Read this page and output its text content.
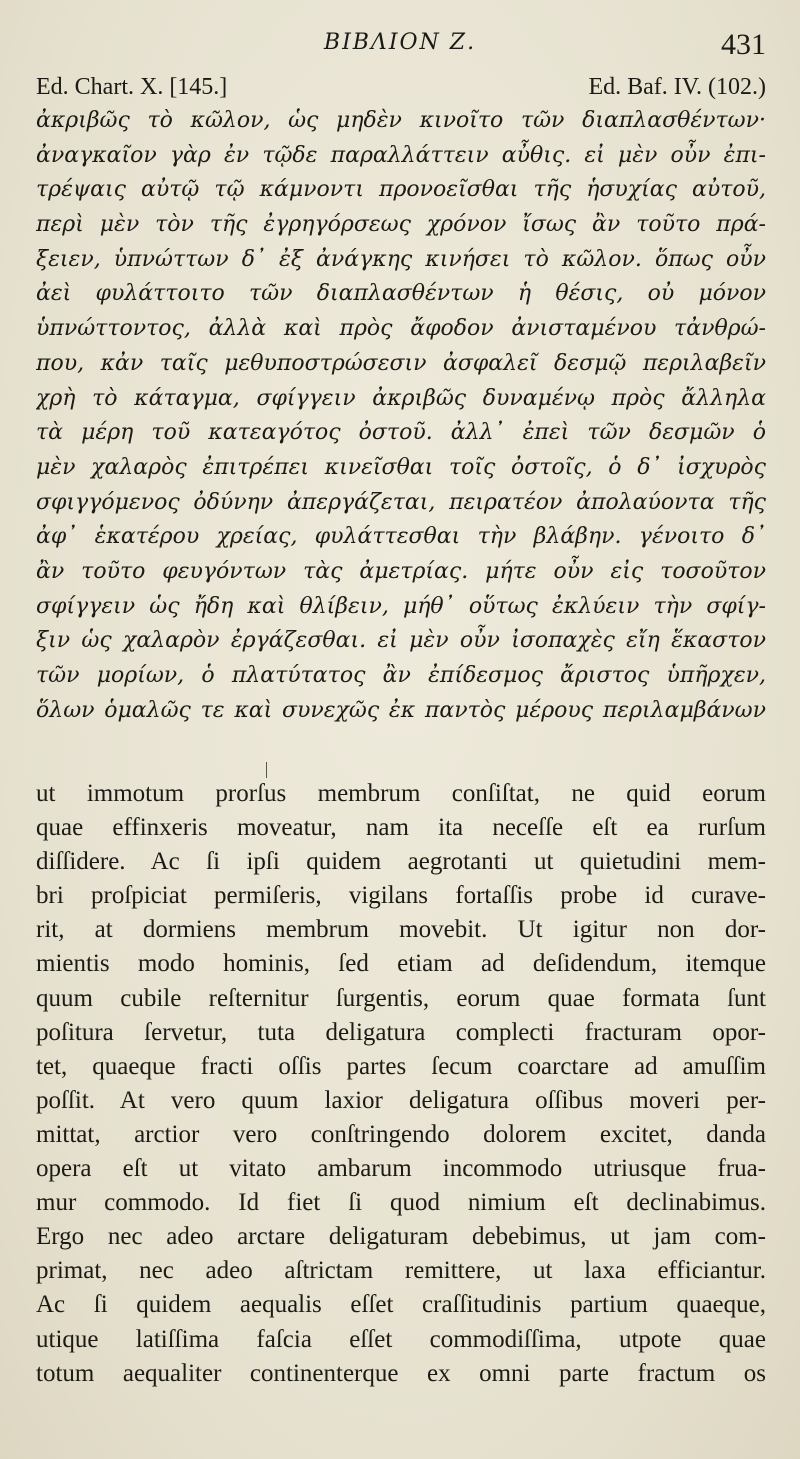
ΒΙΒΛΙΟΝ Ζ.	431
Ed. Chart. X. [145.]	Ed. Baf. IV. (102.)
ἀκριβῶς τὸ κῶλον, ὡς μηδὲν κινοῖτο τῶν διαπλασθέντων·
ἀναγκαῖον γὰρ ἐν τῷδε παραλλάττειν αὖθις. εἰ μὲν οὖν ἐπι-
τρέψαις αὐτῷ τῷ κάμνοντι προνοεῖσθαι τῆς ἡσυχίας αὐτοῦ,
περὶ μὲν τὸν τῆς ἐγρηγόρσεως χρόνον ἴσως ἂν τοῦτο πρά-
ξειεν, ὑπνώττων δ᾽ ἐξ ἀνάγκης κινήσει τὸ κῶλον. ὅπως οὖν
ἀεὶ φυλάττοιτο τῶν διαπλασθέντων ἡ θέσις, οὐ μόνον
ὑπνώττοντος, ἀλλὰ καὶ πρὸς ἄφοδον ἀνισταμένου τἀνθρώ-
που, κἀν ταῖς μεθυποστρώσεσιν ἀσφαλεῖ δεσμῷ περιλαβεῖν
χρὴ τὸ κάταγμα, σφίγγειν ἀκριβῶς δυναμένῳ πρὸς ἄλληλα
τὰ μέρη τοῦ κατεαγότος ὀστοῦ. ἀλλ᾽ ἐπεὶ τῶν δεσμῶν ὁ
μὲν χαλαρὸς ἐπιτρέπει κινεῖσθαι τοῖς ὀστοῖς, ὁ δ᾽ ἰσχυρὸς
σφιγγόμενος ὀδύνην ἀπεργάζεται, πειρατέον ἀπολαύοντα τῆς
ἀφ᾽ ἑκατέρου χρείας, φυλάττεσθαι τὴν βλάβην. γένοιτο δ᾽
ἂν τοῦτο φευγόντων τὰς ἀμετρίας. μήτε οὖν εἰς τοσοῦτον
σφίγγειν ὡς ἤδη καὶ θλίβειν, μήθ᾽ οὕτως ἐκλύειν τὴν σφίγ-
ξιν ὡς χαλαρὸν ἐργάζεσθαι. εἰ μὲν οὖν ἰσοπαχὲς εἴη ἕκαστον
τῶν μορίων, ὁ πλατύτατος ἂν ἐπίδεσμος ἄριστος ὑπῆρχεν,
ὅλων ὁμαλῶς τε καὶ συνεχῶς ἐκ παντὸς μέρους περιλαμβάνων
ut immotum prorſus membrum conſiſtat, ne quid eorum
quae effinxeris moveatur, nam ita neceſſe eſt ea rurſum
diſſidere. Ac ſi ipſi quidem aegrotanti ut quietudini mem-
bri proſpiciat permiſeris, vigilans fortaſſis probe id curave-
rit, at dormiens membrum movebit. Ut igitur non dor-
mientis modo hominis, ſed etiam ad deſidendum, itemque
quum cubile reſternitur ſurgentis, eorum quae formata ſunt
poſitura ſervetur, tuta deligatura complecti fracturam opor-
tet, quaeque fracti oſſis partes ſecum coarctare ad amuſſim
poſſit. At vero quum laxior deligatura oſſibus moveri per-
mittat, arctior vero conſtringendo dolorem excitet, danda
opera eſt ut vitato ambarum incommodo utriusque frua-
mur commodo. Id fiet ſi quod nimium eſt declinabimus.
Ergo nec adeo arctare deligaturam debebimus, ut jam com-
primat, nec adeo aſtrictam remittere, ut laxa efficiantur.
Ac ſi quidem aequalis eſſet craſſitudinis partium quaeque,
utique latiſſima faſcia eſſet commodiſſima, utpote quae
totum aequaliter continenterque ex omni parte fractum os
